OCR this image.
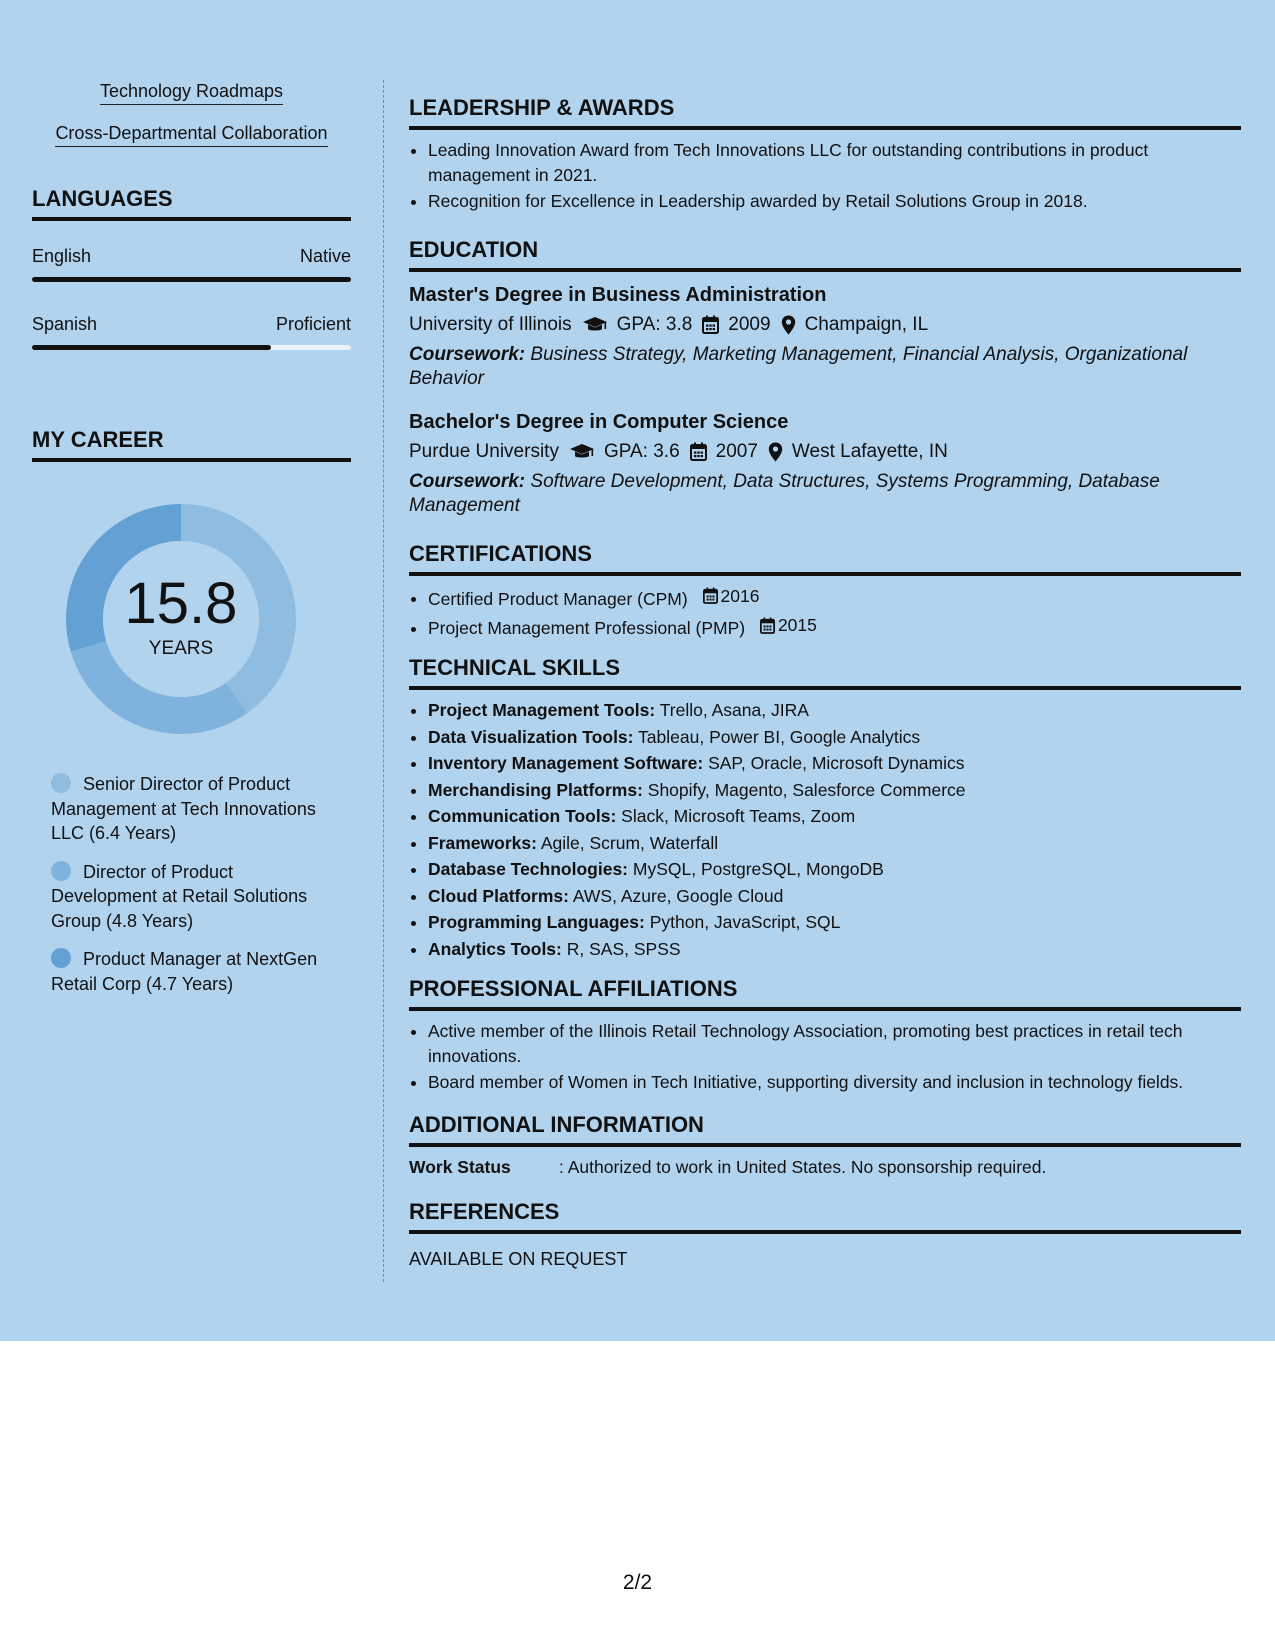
Technology Roadmaps
Cross-Departmental Collaboration
LANGUAGES
English	Native
Spanish	Proficient
MY CAREER
15.8
YEARS
Senior Director of Product Management at Tech Innovations LLC (6.4 Years)
Director of Product Development at Retail Solutions Group (4.8 Years)
Product Manager at NextGen Retail Corp (4.7 Years)
LEADERSHIP & AWARDS
• Leading Innovation Award from Tech Innovations LLC for outstanding contributions in product management in 2021.
• Recognition for Excellence in Leadership awarded by Retail Solutions Group in 2018.
EDUCATION
Master's Degree in Business Administration
University of Illinois GPA: 3.8 2009 Champaign, IL
Coursework: Business Strategy, Marketing Management, Financial Analysis, Organizational Behavior
Bachelor's Degree in Computer Science
Purdue University GPA: 3.6 2007 West Lafayette, IN
Coursework: Software Development, Data Structures, Systems Programming, Database Management
CERTIFICATIONS
• Certified Product Manager (CPM) 2016
• Project Management Professional (PMP) 2015
TECHNICAL SKILLS
• Project Management Tools: Trello, Asana, JIRA
• Data Visualization Tools: Tableau, Power BI, Google Analytics
• Inventory Management Software: SAP, Oracle, Microsoft Dynamics
• Merchandising Platforms: Shopify, Magento, Salesforce Commerce
• Communication Tools: Slack, Microsoft Teams, Zoom
• Frameworks: Agile, Scrum, Waterfall
• Database Technologies: MySQL, PostgreSQL, MongoDB
• Cloud Platforms: AWS, Azure, Google Cloud
• Programming Languages: Python, JavaScript, SQL
• Analytics Tools: R, SAS, SPSS
PROFESSIONAL AFFILIATIONS
• Active member of the Illinois Retail Technology Association, promoting best practices in retail tech innovations.
• Board member of Women in Tech Initiative, supporting diversity and inclusion in technology fields.
ADDITIONAL INFORMATION
Work Status	: Authorized to work in United States. No sponsorship required.
REFERENCES
AVAILABLE ON REQUEST
2/2
